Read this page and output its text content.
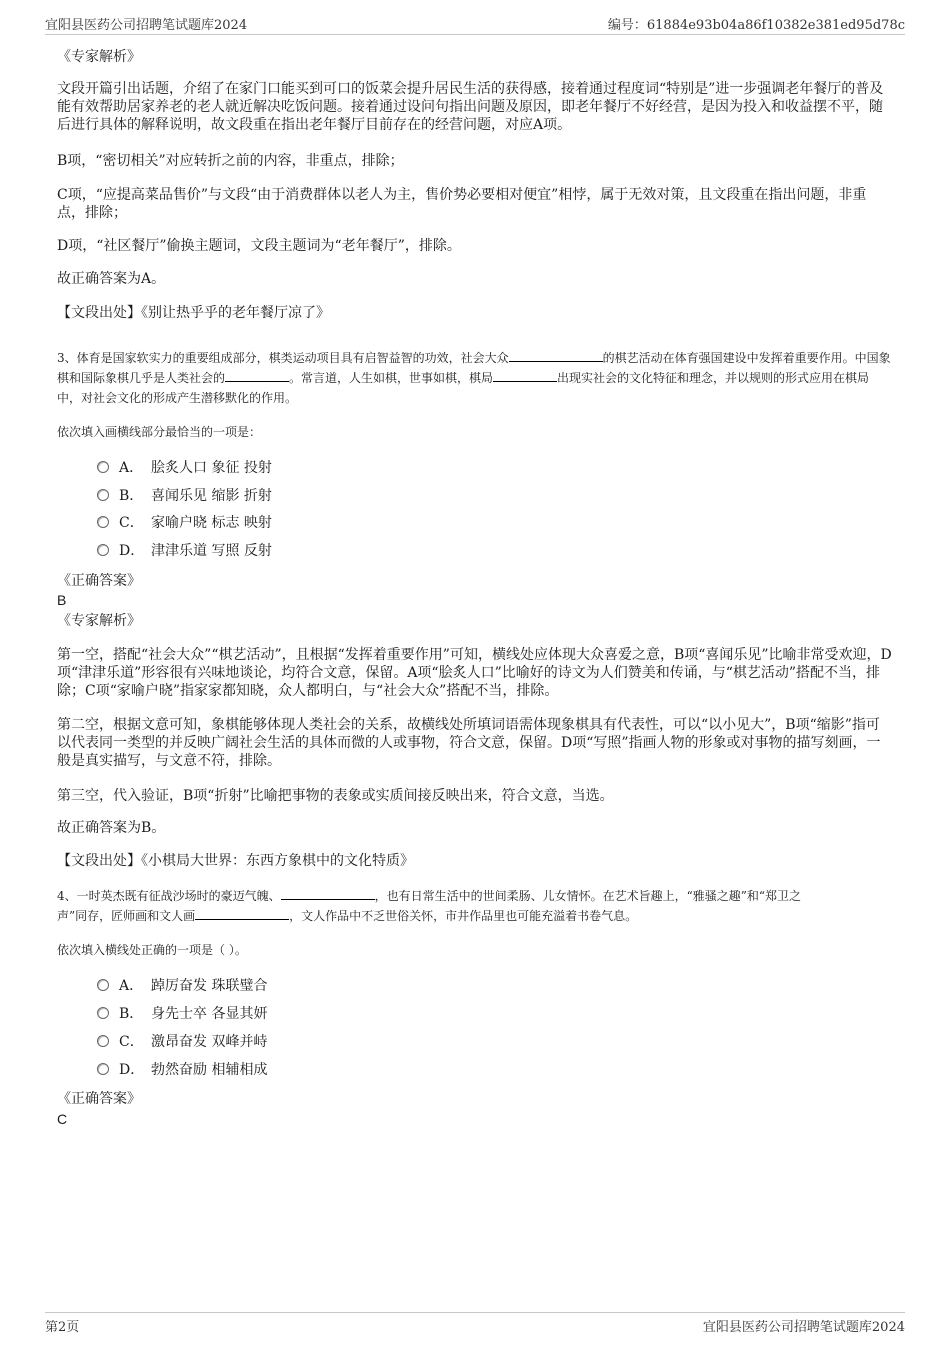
宜阳县医药公司招聘笔试题库2024	编号：61884e93b04a86f10382e381ed95d78c
《专家解析》
文段开篇引出话题，介绍了在家门口能买到可口的饭菜会提升居民生活的获得感，接着通过程度词“特别是”进一步强调老年餐厅的普及能有效帮助居家养老的老人就近解决吃饭问题。接着通过设问句指出问题及原因，即老年餐厅不好经营，是因为投入和收益摆不平，随后进行具体的解释说明，故文段重在指出老年餐厅目前存在的经营问题，对应A项。
B项，“密切相关”对应转折之前的内容，非重点，排除；
C项，“应提高菜品售价”与文段“由于消费群体以老人为主，售价势必要相对便宜”相悖，属于无效对策，且文段重在指出问题，非重点，排除；
D项，“社区餐厅”偷换主题词，文段主题词为“老年餐厅”，排除。
故正确答案为A。
【文段出处】《别让热乎乎的老年餐厅凉了》
3、体育是国家软实力的重要组成部分，棋类运动项目具有启智益智的功效，社会大众	的棋艺活动在体育强国建设中发挥着重要作用。中国象棋和国际象棋几乎是人类社会的	。常言道，人生如棋，世事如棋，棋局	出现实社会的文化特征和理念，并以规则的形式应用在棋局中，对社会文化的形成产生潜移默化的作用。
依次填入画横线部分最恰当的一项是：
A． 脍炙人口 象征 投射
B． 喜闻乐见 缩影 折射
C． 家喻户晓 标志 映射
D． 津津乐道 写照 反射
《正确答案》
B
《专家解析》
第一空，搭配“社会大众”“棋艺活动”，且根据“发挥着重要作用”可知，横线处应体现大众喜爱之意，B项“喜闻乐见”比喻非常受欢迎，D项“津津乐道”形容很有兴味地谈论，均符合文意，保留。A项“脍炙人口”比喻好的诗文为人们赞美和传诵，与“棋艺活动”搭配不当，排除；C项“家喻户晓”指家家都知晓，众人都明白，与“社会大众”搭配不当，排除。
第二空，根据文意可知，象棋能够体现人类社会的关系，故横线处所填词语需体现象棋具有代表性，可以“以小见大”，B项“缩影”指可以代表同一类型的并反映广阔社会生活的具体而微的人或事物，符合文意，保留。D项“写照”指画人物的形象或对事物的描写刻画，一般是真实描写，与文意不符，排除。
第三空，代入验证，B项“折射”比喻把事物的表象或实质间接反映出来，符合文意，当选。
故正确答案为B。
【文段出处】《小棋局大世界：东西方象棋中的文化特质》
4、一时英杰既有征战沙场时的豪迈气魄、	，也有日常生活中的世间柔肠、儿女情怀。在艺术旨趣上，“雅骚之趣”和“郑卫之
声”同存，匠师画和文人画	，文人作品中不乏世俗关怀，市井作品里也可能充溢着书卷气息。
依次填入横线处正确的一项是（ ）。
A． 踔厉奋发 珠联璧合
B． 身先士卒 各显其妍
C． 激昂奋发 双峰并峙
D． 勃然奋励 相辅相成
《正确答案》
C
第2页	宜阳县医药公司招聘笔试题库2024
